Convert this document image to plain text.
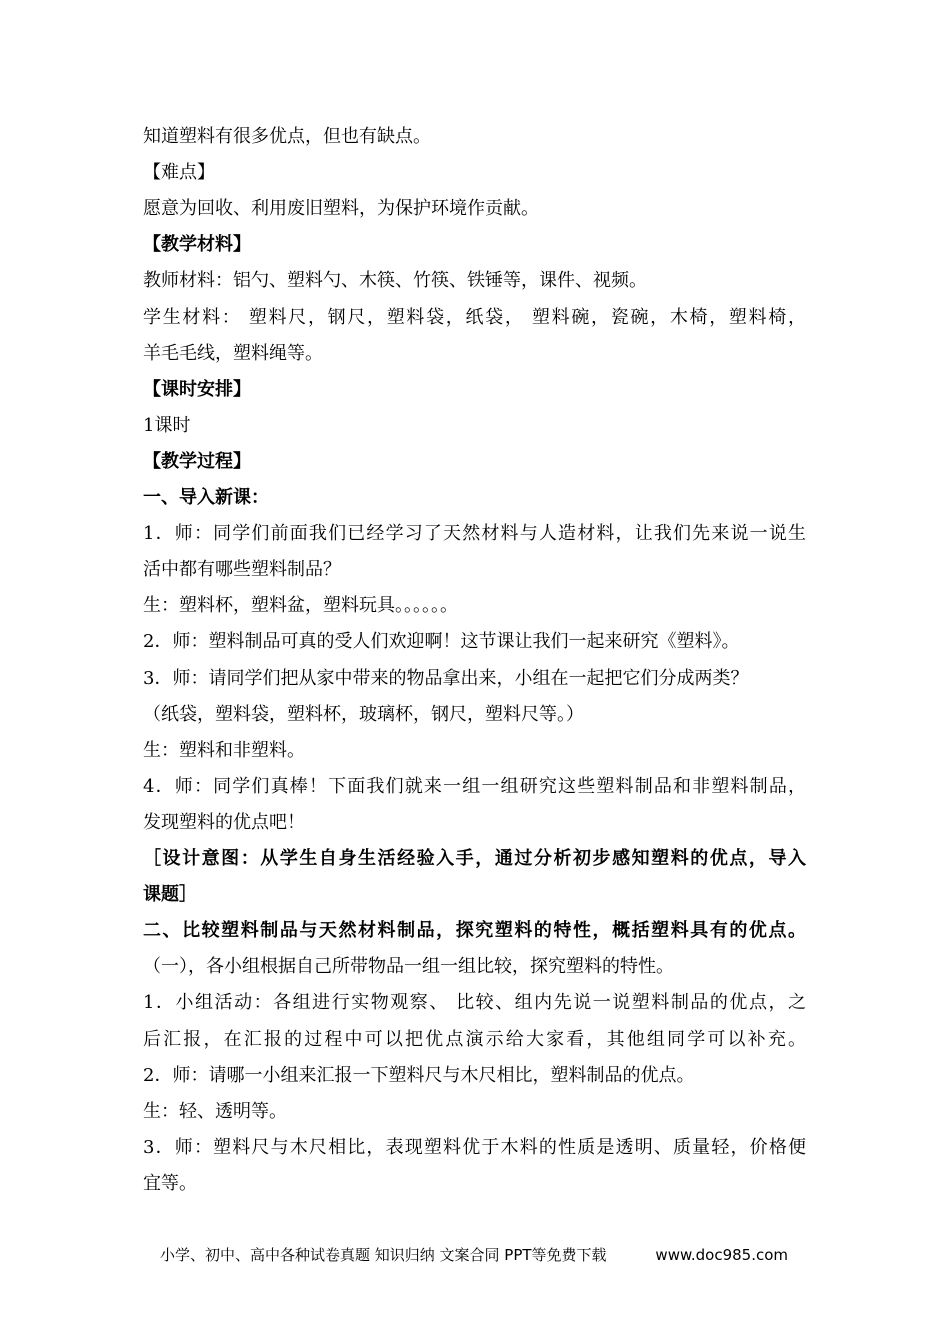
知道塑料有很多优点，但也有缺点。
【难点】
愿意为回收、利用废旧塑料，为保护环境作贡献。
【教学材料】
教师材料：铝勺、塑料勺、木筷、竹筷、铁锤等，课件、视频。
学生材料： 塑料尺，钢尺，塑料袋，纸袋， 塑料碗，瓷碗，木椅，塑料椅，
羊毛毛线，塑料绳等。
【课时安排】
1课时
【教学过程】
一、导入新课：
1．师：同学们前面我们已经学习了天然材料与人造材料，让我们先来说一说生
活中都有哪些塑料制品？
生：塑料杯，塑料盆，塑料玩具。。。。。。
2．师：塑料制品可真的受人们欢迎啊！这节课让我们一起来研究《塑料》。
3．师：请同学们把从家中带来的物品拿出来，小组在一起把它们分成两类？
（纸袋，塑料袋，塑料杯，玻璃杯，钢尺，塑料尺等。）
生：塑料和非塑料。
4．师：同学们真棒！下面我们就来一组一组研究这些塑料制品和非塑料制品，
发现塑料的优点吧！
［设计意图：从学生自身生活经验入手，通过分析初步感知塑料的优点，导入
课题］
二、比较塑料制品与天然材料制品，探究塑料的特性，概括塑料具有的优点。
（一），各小组根据自己所带物品一组一组比较，探究塑料的特性。
1．小组活动：各组进行实物观察、 比较、组内先说一说塑料制品的优点，之
后汇报，在汇报的过程中可以把优点演示给大家看，其他组同学可以补充。
2．师：请哪一小组来汇报一下塑料尺与木尺相比，塑料制品的优点。
生：轻、透明等。
3．师：塑料尺与木尺相比，表现塑料优于木料的性质是透明、质量轻，价格便
宜等。
小学、初中、高中各种试卷真题 知识归纳 文案合同 PPT等免费下载	www.doc985.com
